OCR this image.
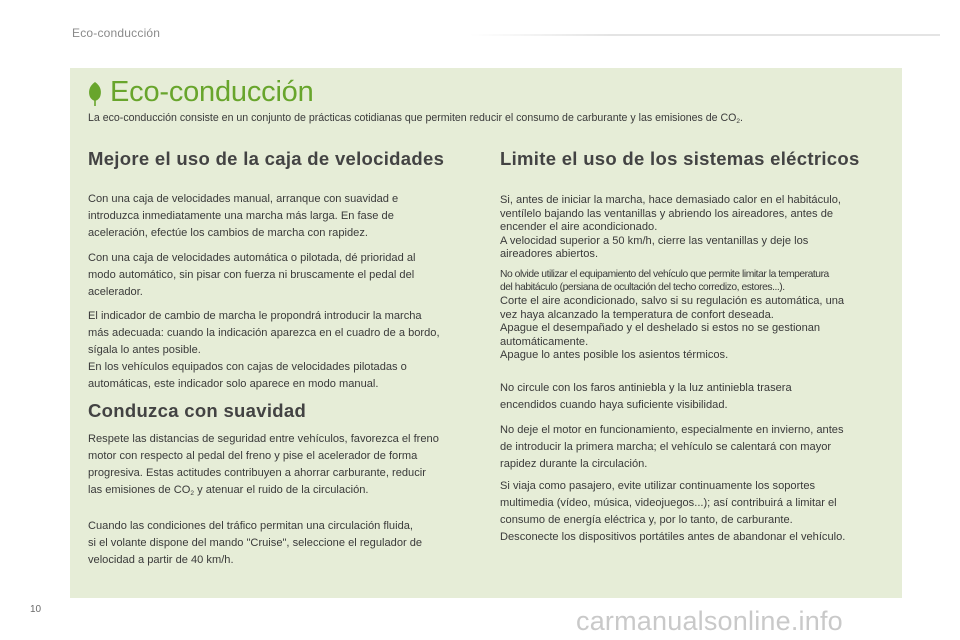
Eco-conducción
Eco-conducción
La eco-conducción consiste en un conjunto de prácticas cotidianas que permiten reducir el consumo de carburante y las emisiones de $CO_2$.
Mejore el uso de la caja de velocidades

Con una caja de velocidades manual, arranque con suavidad e
introduzca inmediatamente una marcha más larga. En fase de
aceleración, efectúe los cambios de marcha con rapidez.

Con una caja de velocidades automática o pilotada, dé prioridad al
modo automático, sin pisar con fuerza ni bruscamente el pedal del
acelerador.

El indicador de cambio de marcha le propondrá introducir la marcha
más adecuada: cuando la indicación aparezca en el cuadro de a bordo,
sígala lo antes posible.
En los vehículos equipados con cajas de velocidades pilotadas o
automáticas, este indicador solo aparece en modo manual.

Conduzca con suavidad

Respete las distancias de seguridad entre vehículos, favorezca el freno
motor con respecto al pedal del freno y pise el acelerador de forma
progresiva. Estas actitudes contribuyen a ahorrar carburante, reducir
las emisiones de $CO_2$ y atenuar el ruido de la circulación.

Cuando las condiciones del tráfico permitan una circulación fluida,
si el volante dispone del mando "Cruise", seleccione el regulador de
velocidad a partir de 40 km/h.

Limite el uso de los sistemas eléctricos

Si, antes de iniciar la marcha, hace demasiado calor en el habitáculo,
ventílelo bajando las ventanillas y abriendo los aireadores, antes de
encender el aire acondicionado.
A velocidad superior a 50 km/h, cierre las ventanillas y deje los
aireadores abiertos.

No olvide utilizar el equipamiento del vehículo que permite limitar la temperatura
del habitáculo (persiana de ocultación del techo corredizo, estores...).

Corte el aire acondicionado, salvo si su regulación es automática, una
vez haya alcanzado la temperatura de confort deseada.
Apague el desempañado y el deshelado si estos no se gestionan
automáticamente.
Apague lo antes posible los asientos térmicos.

No circule con los faros antiniebla y la luz antiniebla trasera
encendidos cuando haya suficiente visibilidad.

No deje el motor en funcionamiento, especialmente en invierno, antes
de introducir la primera marcha; el vehículo se calentará con mayor
rapidez durante la circulación.

Si viaja como pasajero, evite utilizar continuamente los soportes
multimedia (vídeo, música, videojuegos...); así contribuirá a limitar el
consumo de energía eléctrica y, por lo tanto, de carburante.
Desconecte los dispositivos portátiles antes de abandonar el vehículo.

10	carmanualsonline.info
